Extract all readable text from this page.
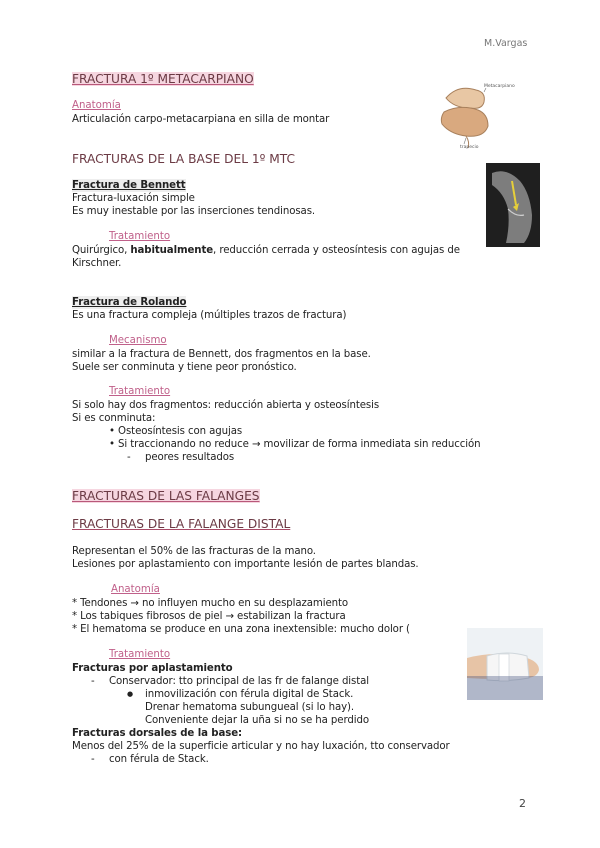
M.Vargas
FRACTURA 1º METACARPIANO
Anatomía
Articulación carpo-metacarpiana en silla de montar
Metacarpiano
trapecio
FRACTURAS DE LA BASE DEL 1º MTC
Fractura de Bennett
Fractura-luxación simple
Es muy inestable por las inserciones tendinosas.
Tratamiento
Quirúrgico, habitualmente, reducción cerrada y osteosíntesis con agujas de Kirschner.
Fractura de Rolando
Es una fractura compleja (múltiples trazos de fractura)
Mecanismo
similar a la fractura de Bennett, dos fragmentos en la base.
Suele ser conminuta y tiene peor pronóstico.
Tratamiento
Si solo hay dos fragmentos: reducción abierta y osteosíntesis
Si es conminuta:
• Osteosíntesis con agujas
• Si traccionando no reduce → movilizar de forma inmediata sin reducción
- peores resultados
FRACTURAS DE LAS FALANGES
FRACTURAS DE LA FALANGE DISTAL
Representan el 50% de las fracturas de la mano.
Lesiones por aplastamiento con importante lesión de partes blandas.
Anatomía
* Tendones → no influyen mucho en su desplazamiento
* Los tabiques fibrosos de piel → estabilizan la fractura
* El hematoma se produce en una zona inextensible: mucho dolor (
Tratamiento
Fracturas por aplastamiento
- Conservador: tto principal de las fr de falange distal
● inmovilización con férula digital de Stack.
Drenar hematoma subungueal (si lo hay).
Conveniente dejar la uña si no se ha perdido
Fracturas dorsales de la base:
Menos del 25% de la superficie articular y no hay luxación, tto conservador
- con férula de Stack.
2
